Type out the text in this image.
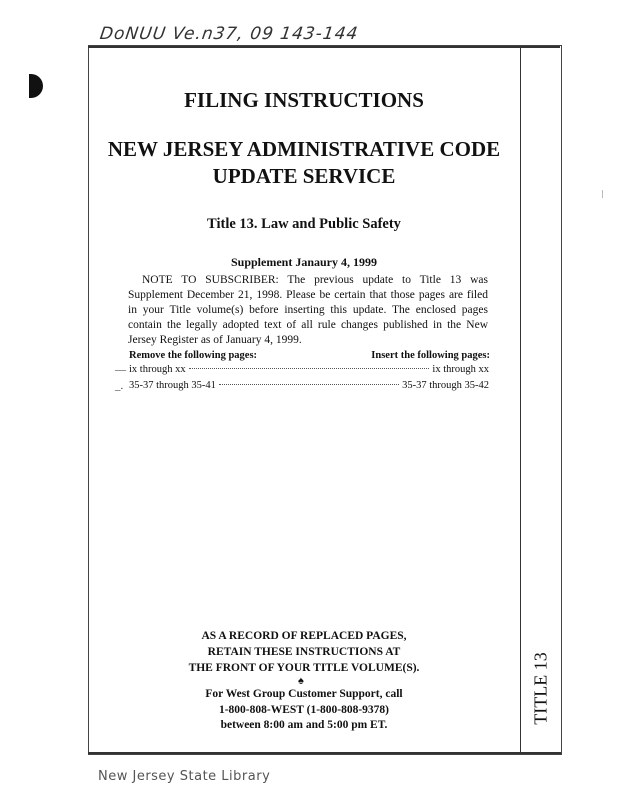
DoNUU Ve.n37, 09 143-144
FILING INSTRUCTIONS
NEW JERSEY ADMINISTRATIVE CODE
UPDATE SERVICE
Title 13. Law and Public Safety
Supplement Janaury 4, 1999
NOTE TO SUBSCRIBER: The previous update to Title 13 was Supplement December 21, 1998. Please be certain that those pages are filed in your Title volume(s) before inserting this update. The enclosed pages contain the legally adopted text of all rule changes published in the New Jersey Register as of January 4, 1999.
Remove the following pages:	Insert the following pages:
— ix through xx	ix through xx
_. 35-37 through 35-41	35-37 through 35-42
AS A RECORD OF REPLACED PAGES,
RETAIN THESE INSTRUCTIONS AT
THE FRONT OF YOUR TITLE VOLUME(S).
♠
For West Group Customer Support, call
1-800-808-WEST (1-800-808-9378)
between 8:00 am and 5:00 pm ET.
TITLE 13
New Jersey State Library
